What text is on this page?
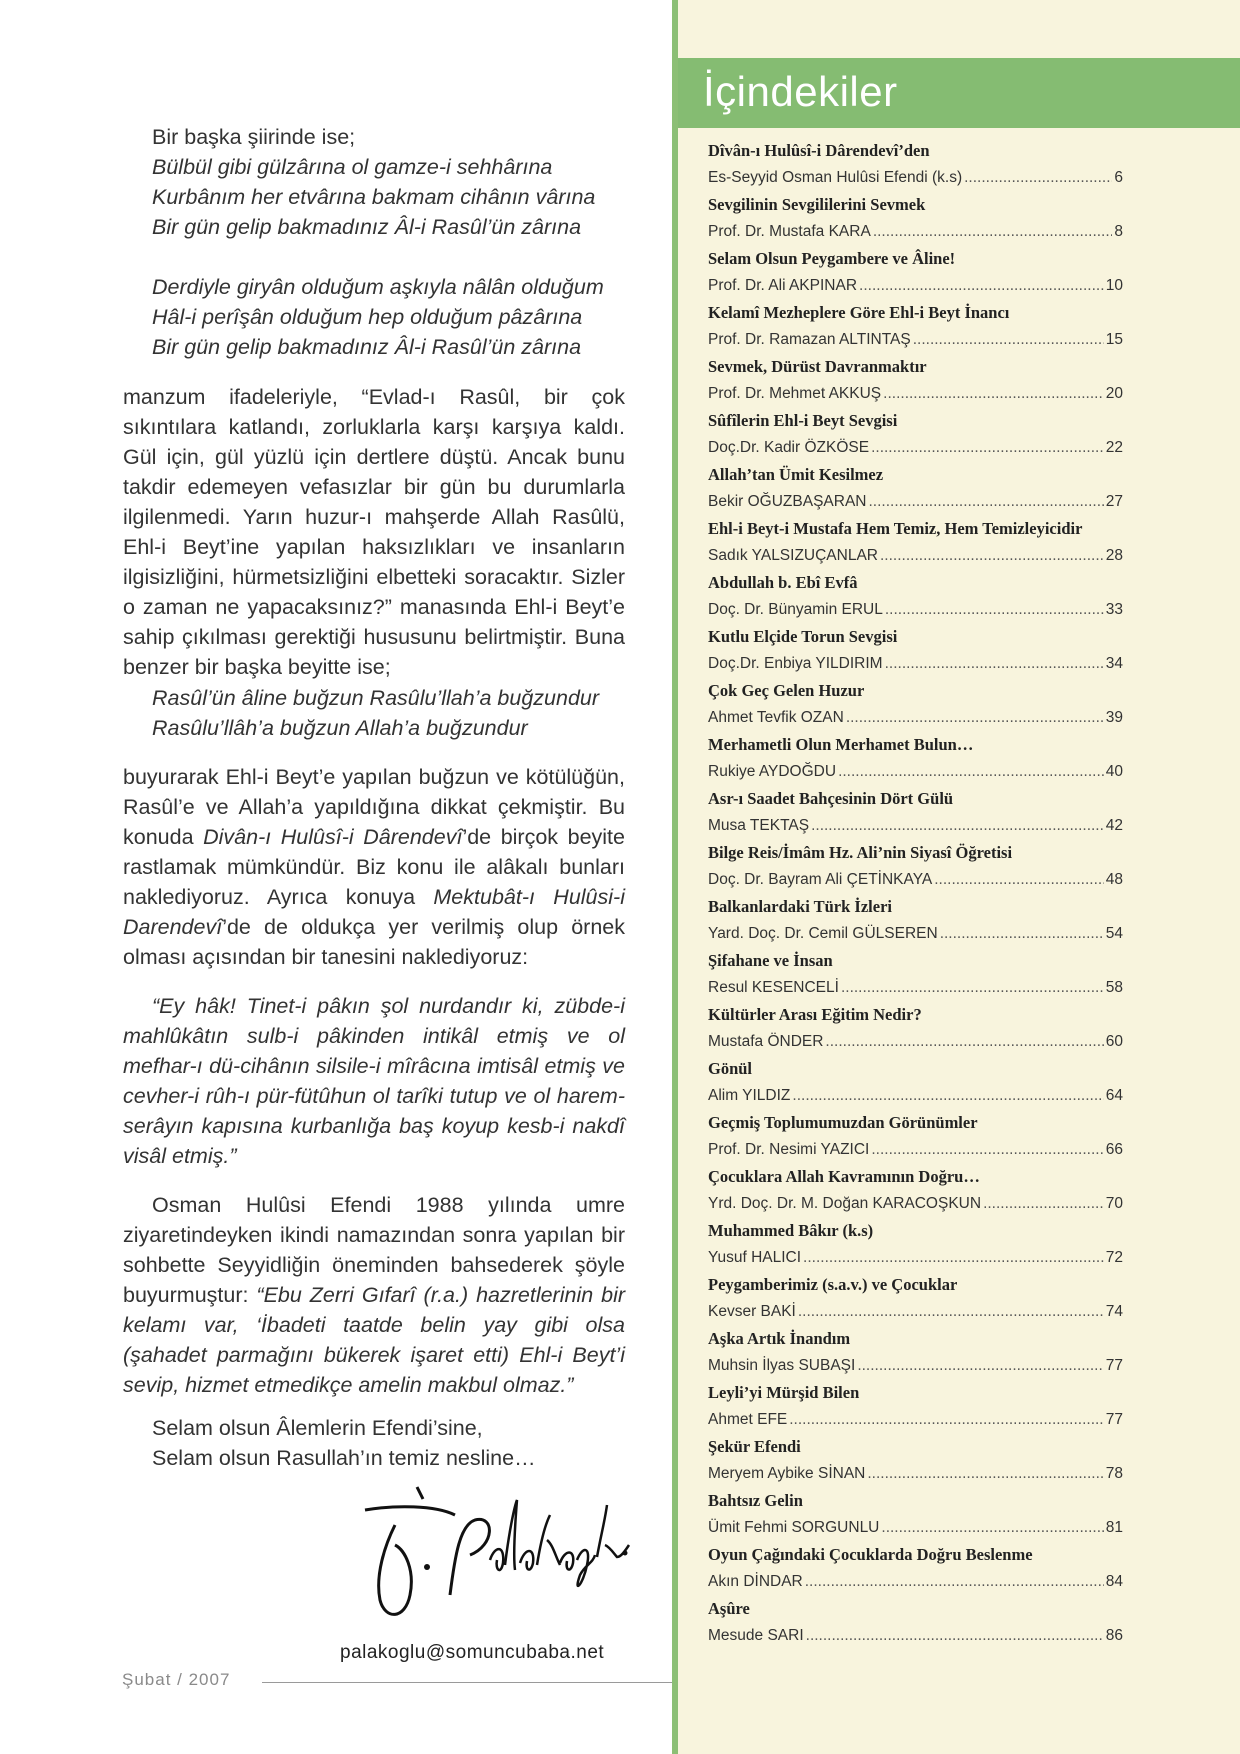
Bir başka şiirinde ise;
Bülbül gibi gülzârına ol gamze-i sehhârına
Kurbânım her etvârına bakmam cihânın vârına
Bir gün gelip bakmadınız Âl-i Rasûl’ün zârına

Derdiyle giryân olduğum aşkıyla nâlân olduğum
Hâl-i perîşân olduğum hep olduğum pâzârına
Bir gün gelip bakmadınız Âl-i Rasûl’ün zârına

manzum ifadeleriyle, “Evlad-ı Rasûl, bir çok sıkıntılara katlandı, zorluklarla karşı karşıya kaldı. Gül için, gül yüzlü için dertlere düştü. Ancak bunu takdir edemeyen vefasızlar bir gün bu durumlarla ilgilenmedi. Yarın huzur-ı mahşerde Allah Rasûlü, Ehl-i Beyt’ine yapılan haksızlıkları ve insanların ilgisizliğini, hürmetsizliğini elbetteki soracaktır. Sizler o zaman ne yapacaksınız?” manasında Ehl-i Beyt’e sahip çıkılması gerektiği hususunu belirtmiştir. Buna benzer bir başka beyitte ise;

Rasûl’ün âline buğzun Rasûlu’llah’a buğzundur
Rasûlu’llâh’a buğzun Allah’a buğzundur

buyurarak Ehl-i Beyt’e yapılan buğzun ve kötülüğün, Rasûl’e ve Allah’a yapıldığına dikkat çekmiştir. Bu konuda Divân-ı Hulûsî-i Dârendevî’de birçok beyite rastlamak mümkündür. Biz konu ile alâkalı bunları naklediyoruz. Ayrıca konuya Mektubât-ı Hulûsi-i Darendevî’de de oldukça yer verilmiş olup örnek olması açısından bir tanesini naklediyoruz:

“Ey hâk! Tinet-i pâkın şol nurdandır ki, zübde-i mahlûkâtın sulb-i pâkinden intikâl etmiş ve ol mefhar-ı dü-cihânın silsile-i mîrâcına imtisâl etmiş ve cevher-i rûh-ı pür-fütûhun ol tarîki tutup ve ol harem-serâyın kapısına kurbanlığa baş koyup kesb-i nakdî visâl etmiş.”

Osman Hulûsi Efendi 1988 yılında umre ziyaretindeyken ikindi namazından sonra yapılan bir sohbette Seyyidliğin öneminden bahsederek şöyle buyurmuştur: “Ebu Zerri Gıfarî (r.a.) hazretlerinin bir kelamı var, ‘İbadeti taatde belin yay gibi olsa (şahadet parmağını bükerek işaret etti) Ehl-i Beyt’i sevip, hizmet etmedikçe amelin makbul olmaz.”

Selam olsun Âlemlerin Efendi’sine,
Selam olsun Rasullah’ın temiz nesline…

palakoglu@somuncubaba.net
Şubat / 2007
İçindekiler
Dîvân-ı Hulûsî-i Dârendevî’den
Es-Seyyid Osman Hulûsi Efendi (k.s) .....	6
Sevgilinin Sevgililerini Sevmek
Prof. Dr. Mustafa KARA .....	8
Selam Olsun Peygambere ve Âline!
Prof. Dr. Ali AKPINAR .....	10
Kelamî Mezheplere Göre Ehl-i Beyt İnancı
Prof. Dr. Ramazan ALTINTAŞ .....	15
Sevmek, Dürüst Davranmaktır
Prof. Dr. Mehmet AKKUŞ .....	20
Sûfîlerin Ehl-i Beyt Sevgisi
Doç.Dr. Kadir ÖZKÖSE .....	22
Allah’tan Ümit Kesilmez
Bekir OĞUZBAŞARAN .....	27
Ehl-i Beyt-i Mustafa Hem Temiz, Hem Temizleyicidir
Sadık YALSIZUÇANLAR .....	28
Abdullah b. Ebî Evfâ
Doç. Dr. Bünyamin ERUL .....	33
Kutlu Elçide Torun Sevgisi
Doç.Dr. Enbiya YILDIRIM .....	34
Çok Geç Gelen Huzur
Ahmet Tevfik OZAN .....	39
Merhametli Olun Merhamet Bulun…
Rukiye AYDOĞDU .....	40
Asr-ı Saadet Bahçesinin Dört Gülü
Musa TEKTAŞ .....	42
Bilge Reis/İmâm Hz. Ali’nin Siyasî Öğretisi
Doç. Dr. Bayram Ali ÇETİNKAYA .....	48
Balkanlardaki Türk İzleri
Yard. Doç. Dr. Cemil GÜLSEREN .....	54
Şifahane ve İnsan
Resul KESENCELİ .....	58
Kültürler Arası Eğitim Nedir?
Mustafa ÖNDER .....	60
Gönül
Alim YILDIZ .....	64
Geçmiş Toplumumuzdan Görünümler
Prof. Dr. Nesimi YAZICI .....	66
Çocuklara Allah Kavramının Doğru…
Yrd. Doç. Dr. M. Doğan KARACOŞKUN .....	70
Muhammed Bâkır (k.s)
Yusuf HALICI .....	72
Peygamberimiz (s.a.v.) ve Çocuklar
Kevser BAKİ .....	74
Aşka Artık İnandım
Muhsin İlyas SUBAŞI .....	77
Leyli’yi Mürşid Bilen
Ahmet EFE .....	77
Şekür Efendi
Meryem Aybike SİNAN .....	78
Bahtsız Gelin
Ümit Fehmi SORGUNLU .....	81
Oyun Çağındaki Çocuklarda Doğru Beslenme
Akın DİNDAR .....	84
Aşûre
Mesude SARI .....	86
